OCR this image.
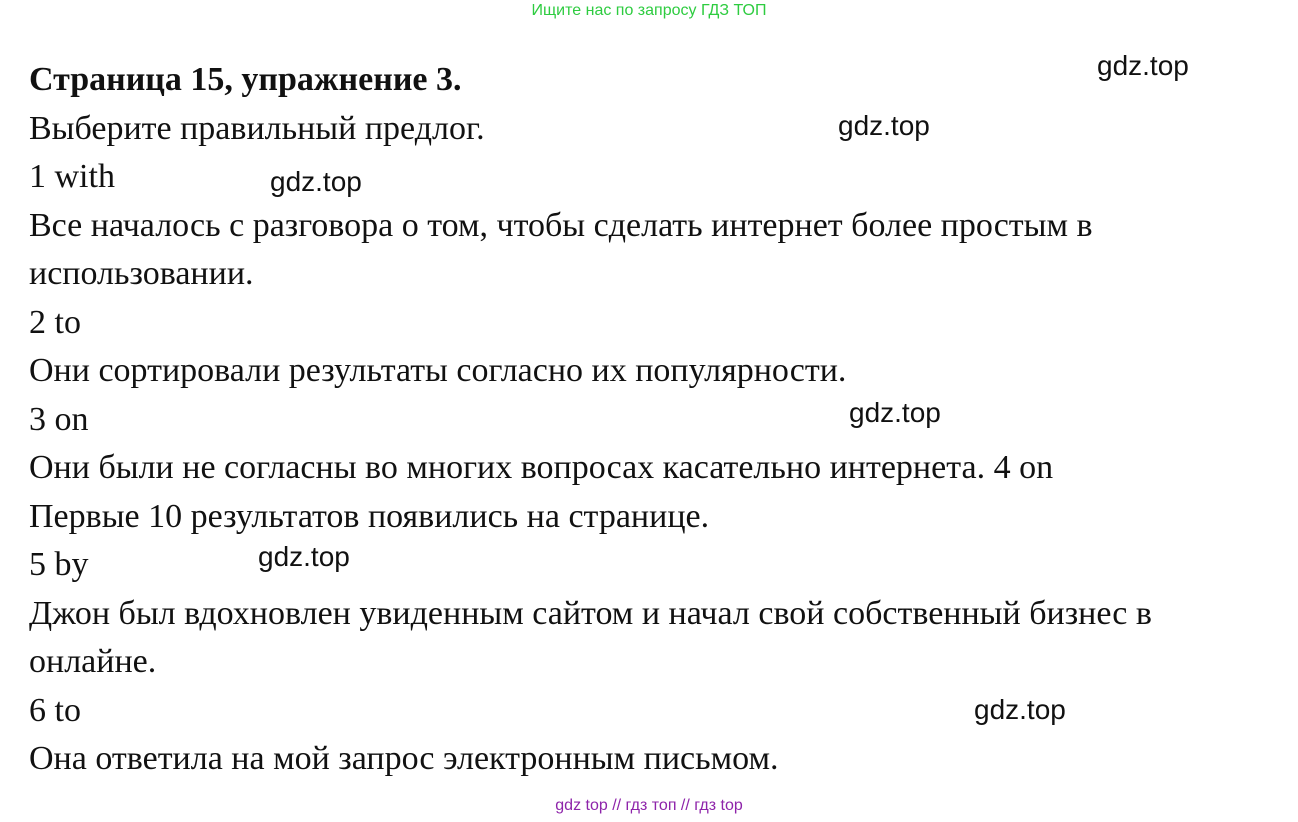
Ищите нас по запросу ГДЗ ТОП

Страница 15, упражнение 3.

Выберите правильный предлог.

1 with

Все началось с разговора о том, чтобы сделать интернет более простым в использовании.

2 to

Они сортировали результаты согласно их популярности.

3 on

Они были не согласны во многих вопросах касательно интернета. 4 on

Первые 10 результатов появились на странице.

5 by

Джон был вдохновлен увиденным сайтом и начал свой собственный бизнес в онлайне.

6 to

Она ответила на мой запрос электронным письмом.

gdz.top
gdz.top
gdz.top
gdz.top
gdz.top
gdz.top
gdz top // гдз топ // гдз top
